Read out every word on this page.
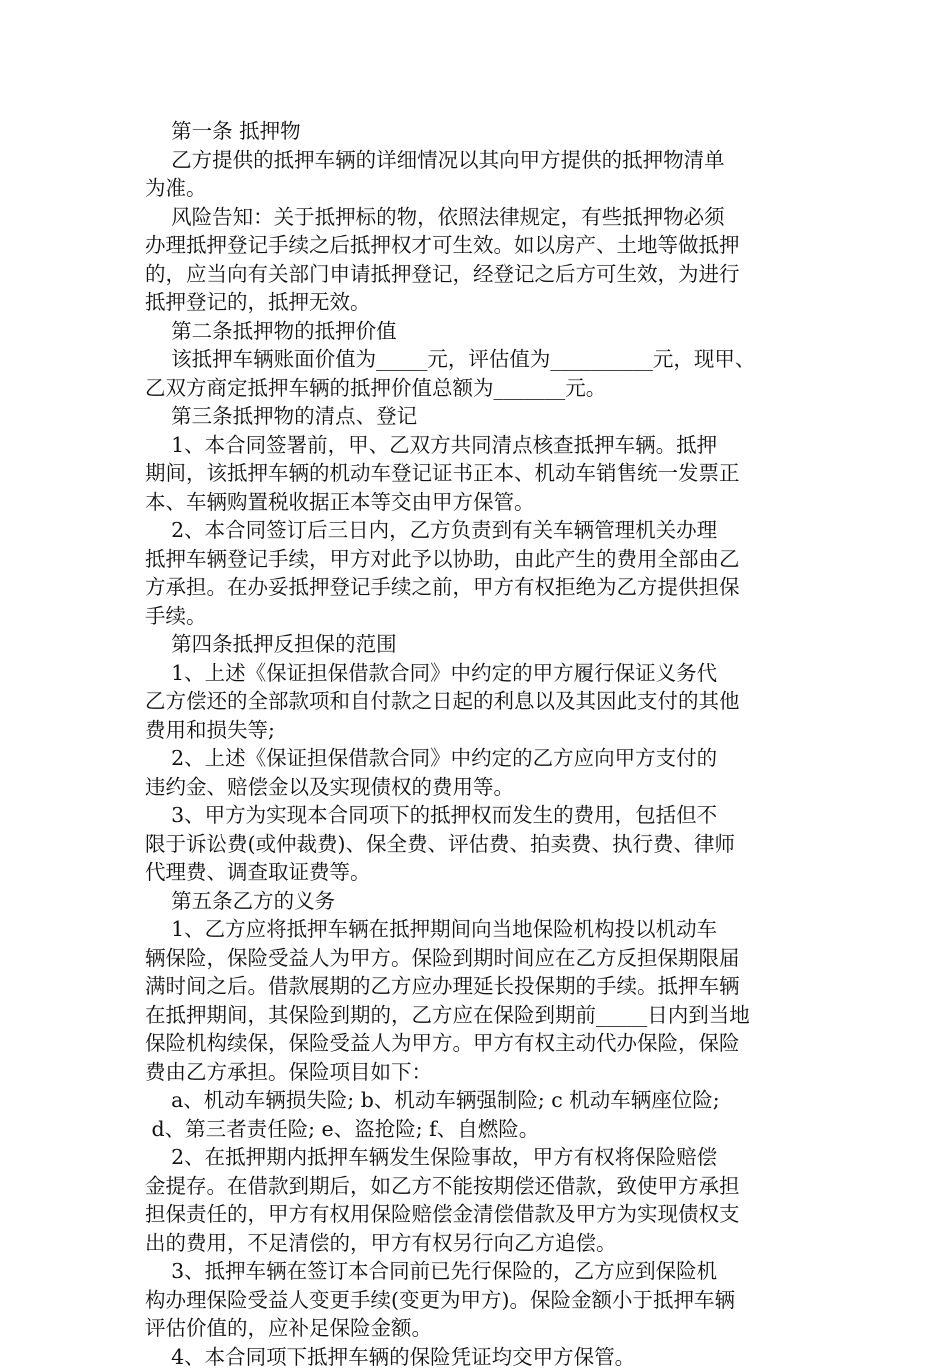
第一条 抵押物
乙方提供的抵押车辆的详细情况以其向甲方提供的抵押物清单
为准。
风险告知：关于抵押标的物，依照法律规定，有些抵押物必须
办理抵押登记手续之后抵押权才可生效。如以房产、土地等做抵押
的，应当向有关部门申请抵押登记，经登记之后方可生效，为进行
抵押登记的，抵押无效。
第二条抵押物的抵押价值
该抵押车辆账面价值为_____元，评估值为__________元，现甲、
乙双方商定抵押车辆的抵押价值总额为_______元。
第三条抵押物的清点、登记
1、本合同签署前，甲、乙双方共同清点核查抵押车辆。抵押
期间，该抵押车辆的机动车登记证书正本、机动车销售统一发票正
本、车辆购置税收据正本等交由甲方保管。
2、本合同签订后三日内，乙方负责到有关车辆管理机关办理
抵押车辆登记手续，甲方对此予以协助，由此产生的费用全部由乙
方承担。在办妥抵押登记手续之前，甲方有权拒绝为乙方提供担保
手续。
第四条抵押反担保的范围
1、上述《保证担保借款合同》中约定的甲方履行保证义务代
乙方偿还的全部款项和自付款之日起的利息以及其因此支付的其他
费用和损失等;
2、上述《保证担保借款合同》中约定的乙方应向甲方支付的
违约金、赔偿金以及实现债权的费用等。
3、甲方为实现本合同项下的抵押权而发生的费用，包括但不
限于诉讼费(或仲裁费)、保全费、评估费、拍卖费、执行费、律师
代理费、调查取证费等。
第五条乙方的义务
1、乙方应将抵押车辆在抵押期间向当地保险机构投以机动车
辆保险，保险受益人为甲方。保险到期时间应在乙方反担保期限届
满时间之后。借款展期的乙方应办理延长投保期的手续。抵押车辆
在抵押期间，其保险到期的，乙方应在保险到期前_____日内到当地
保险机构续保，保险受益人为甲方。甲方有权主动代办保险，保险
费由乙方承担。保险项目如下：
a、机动车辆损失险; b、机动车辆强制险; c 机动车辆座位险;
d、第三者责任险; e、盗抢险; f、自燃险。
2、在抵押期内抵押车辆发生保险事故，甲方有权将保险赔偿
金提存。在借款到期后，如乙方不能按期偿还借款，致使甲方承担
担保责任的，甲方有权用保险赔偿金清偿借款及甲方为实现债权支
出的费用，不足清偿的，甲方有权另行向乙方追偿。
3、抵押车辆在签订本合同前已先行保险的，乙方应到保险机
构办理保险受益人变更手续(变更为甲方)。保险金额小于抵押车辆
评估价值的，应补足保险金额。
4、本合同项下抵押车辆的保险凭证均交甲方保管。
